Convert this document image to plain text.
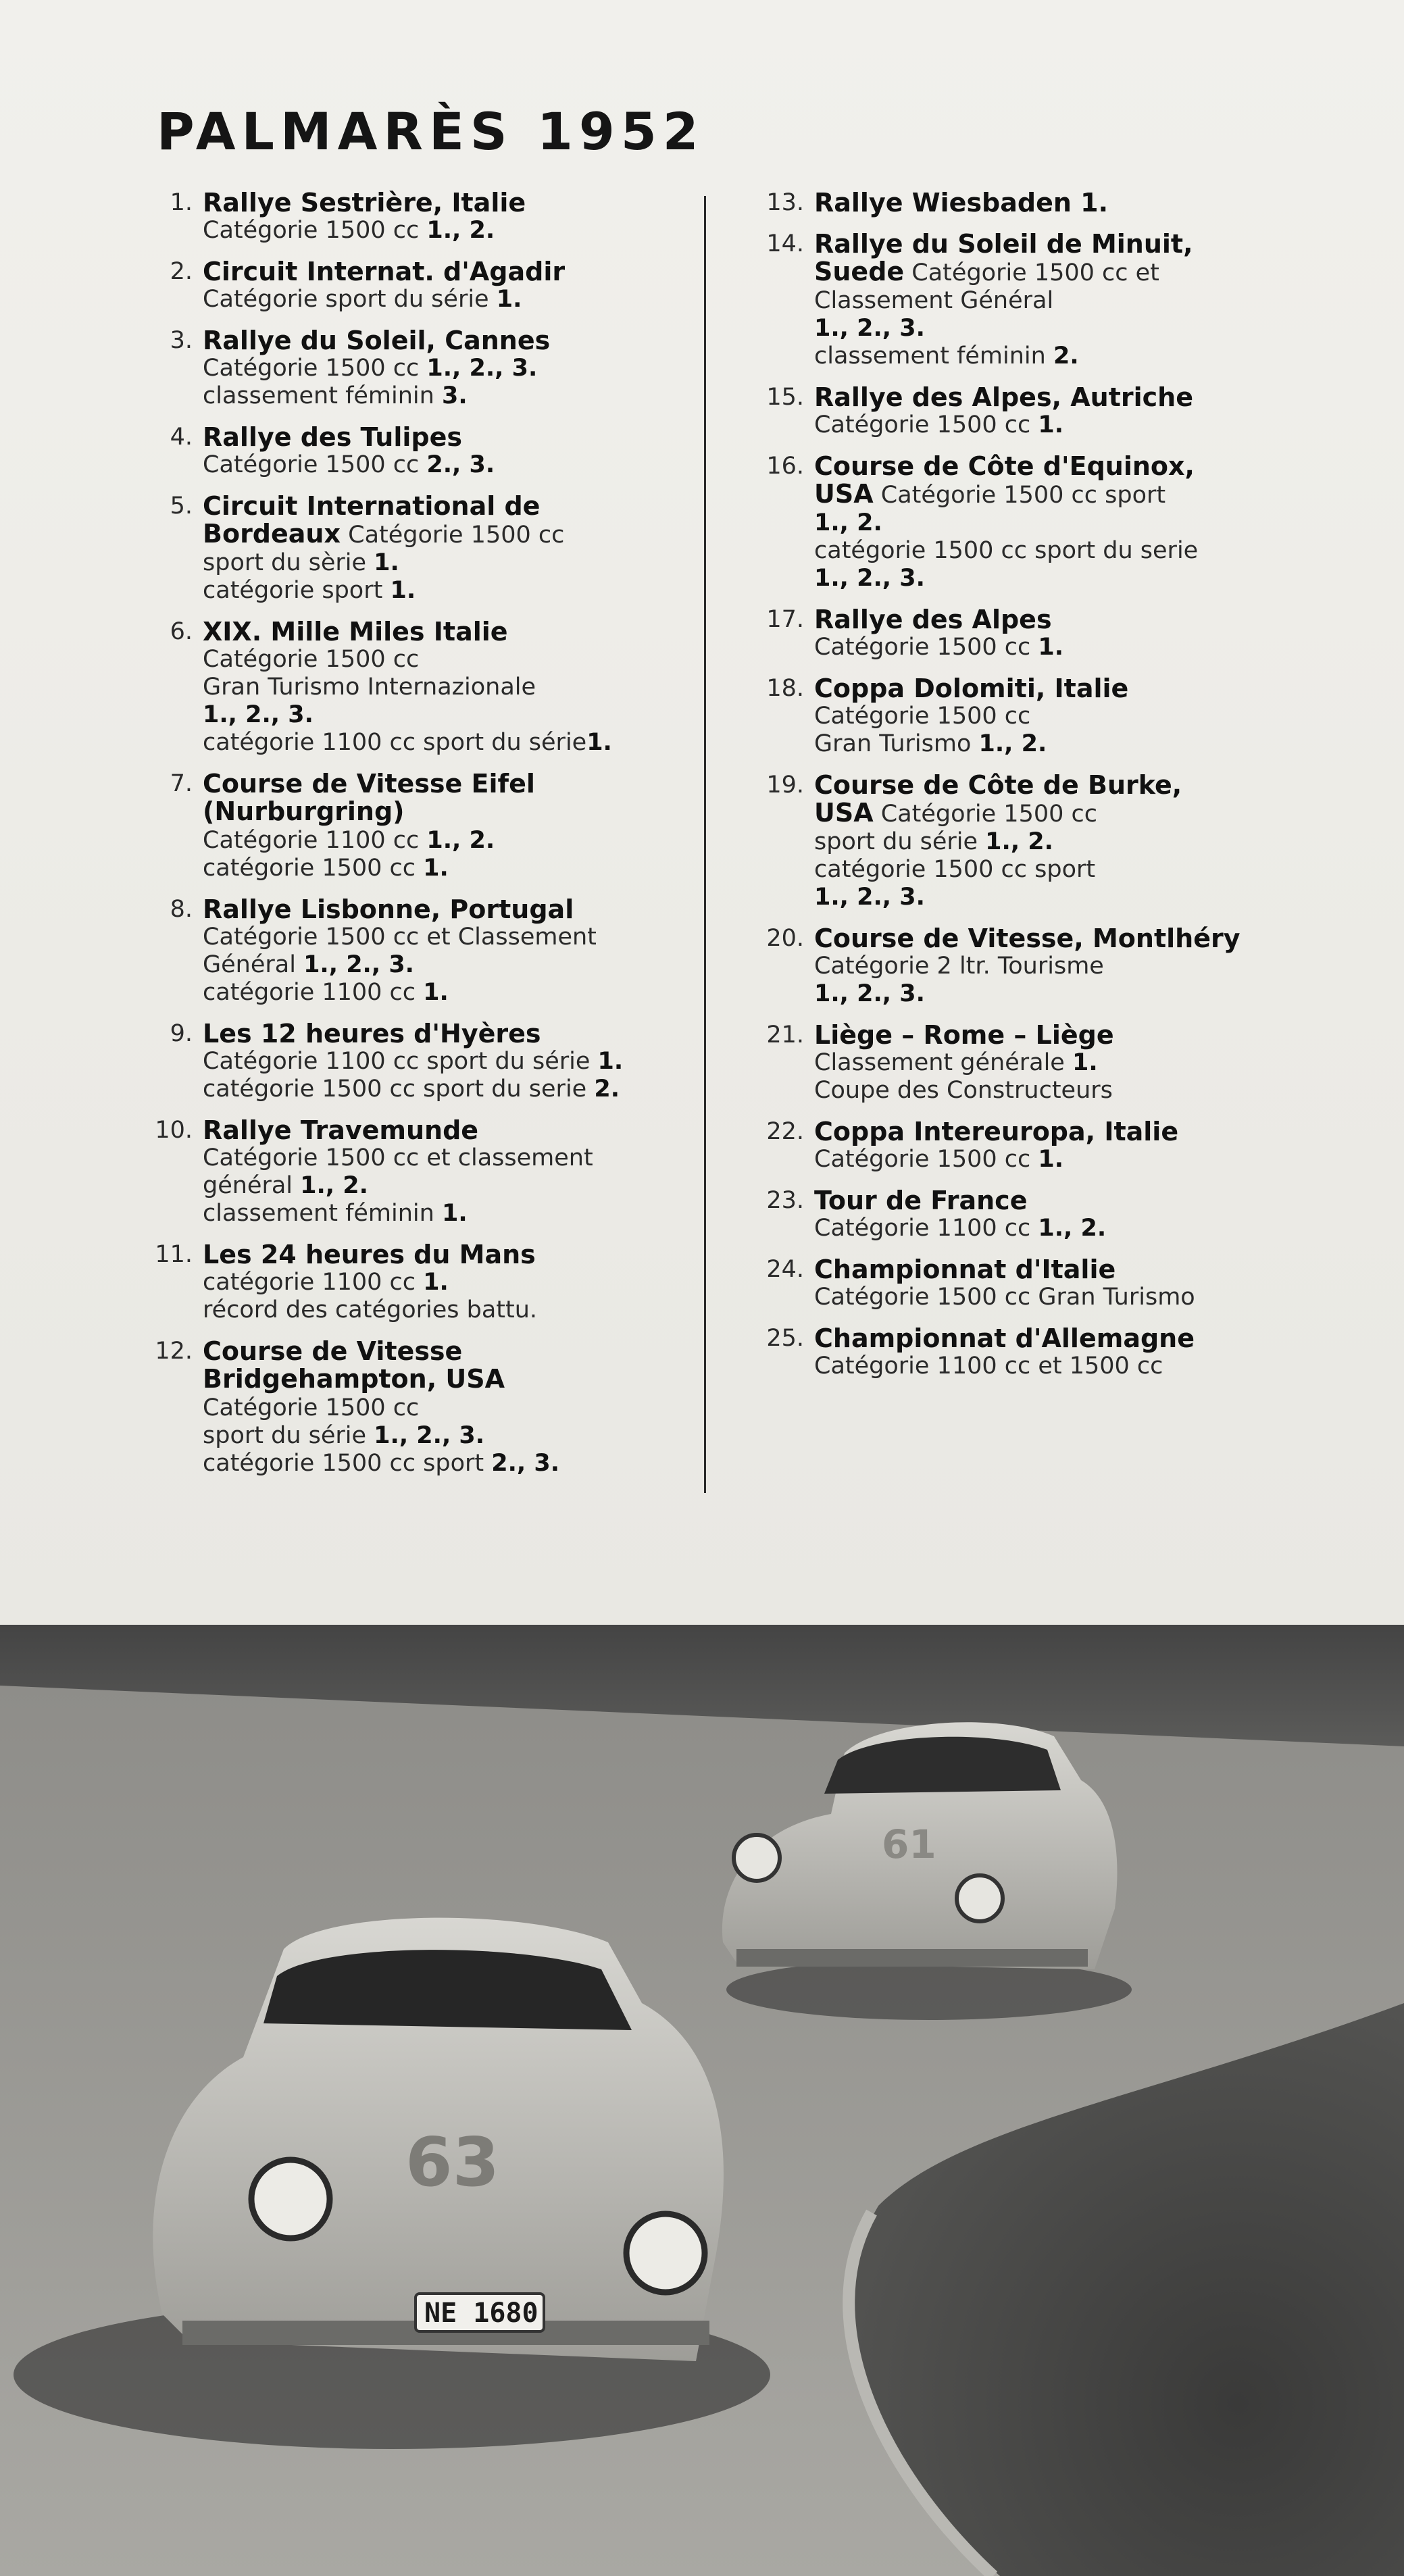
PALMARÈS 1952
1. Rallye Sestrière, Italie
Catégorie 1500 cc 1., 2.
2. Circuit Internat. d'Agadir
Catégorie sport du série 1.
3. Rallye du Soleil, Cannes
Catégorie 1500 cc 1., 2., 3.
classement féminin 3.
4. Rallye des Tulipes
Catégorie 1500 cc 2., 3.
5. Circuit International de
Bordeaux Catégorie 1500 cc
sport du sèrie 1.
catégorie sport 1.
6. XIX. Mille Miles Italie
Catégorie 1500 cc
Gran Turismo Internazionale
1., 2., 3.
catégorie 1100 cc sport du série1.
7. Course de Vitesse Eifel
(Nurburgring)
Catégorie 1100 cc 1., 2.
catégorie 1500 cc 1.
8. Rallye Lisbonne, Portugal
Catégorie 1500 cc et Classement
Général 1., 2., 3.
catégorie 1100 cc 1.
9. Les 12 heures d'Hyères
Catégorie 1100 cc sport du série 1.
catégorie 1500 cc sport du serie 2.
10. Rallye Travemunde
Catégorie 1500 cc et classement
général 1., 2.
classement féminin 1.
11. Les 24 heures du Mans
catégorie 1100 cc 1.
récord des catégories battu.
12. Course de Vitesse
Bridgehampton, USA
Catégorie 1500 cc
sport du série 1., 2., 3.
catégorie 1500 cc sport 2., 3.
13. Rallye Wiesbaden 1.
14. Rallye du Soleil de Minuit,
Suede Catégorie 1500 cc et
Classement Général
1., 2., 3.
classement féminin 2.
15. Rallye des Alpes, Autriche
Catégorie 1500 cc 1.
16. Course de Côte d'Equinox,
USA Catégorie 1500 cc sport
1., 2.
catégorie 1500 cc sport du serie
1., 2., 3.
17. Rallye des Alpes
Catégorie 1500 cc 1.
18. Coppa Dolomiti, Italie
Catégorie 1500 cc
Gran Turismo 1., 2.
19. Course de Côte de Burke,
USA Catégorie 1500 cc
sport du série 1., 2.
catégorie 1500 cc sport
1., 2., 3.
20. Course de Vitesse, Montlhéry
Catégorie 2 ltr. Tourisme
1., 2., 3.
21. Liège – Rome – Liège
Classement générale 1.
Coupe des Constructeurs
22. Coppa Intereuropa, Italie
Catégorie 1500 cc 1.
23. Tour de France
Catégorie 1100 cc 1., 2.
24. Championnat d'Italie
Catégorie 1500 cc Gran Turismo
25. Championnat d'Allemagne
Catégorie 1100 cc et 1500 cc
61
NE 1680
63
